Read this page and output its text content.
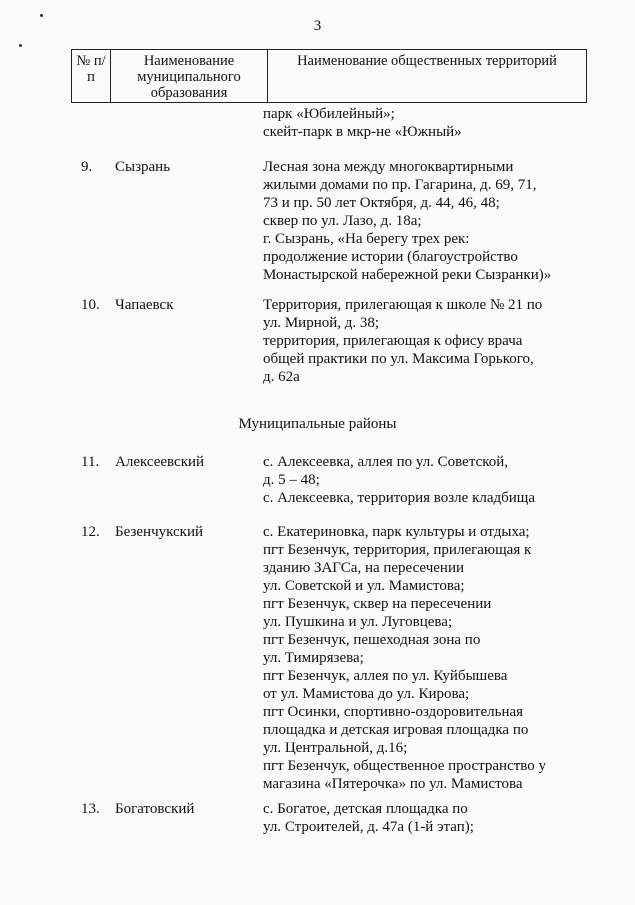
3
№ п/п	Наименование муниципального образования	Наименование общественных территорий
парк «Юбилейный»;
скейт-парк в мкр-не «Южный»
9. Сызрань	Лесная зона между многоквартирными
жилыми домами по пр. Гагарина, д. 69, 71,
73 и пр. 50 лет Октября, д. 44, 46, 48;
сквер по ул. Лазо, д. 18а;
г. Сызрань, «На берегу трех рек:
продолжение истории (благоустройство
Монастырской набережной реки Сызранки)»
10. Чапаевск	Территория, прилегающая к школе № 21 по
ул. Мирной, д. 38;
территория, прилегающая к офису врача
общей практики по ул. Максима Горького,
д. 62а
Муниципальные районы
11. Алексеевский	с. Алексеевка, аллея по ул. Советской,
д. 5 – 48;
с. Алексеевка, территория возле кладбища
12. Безенчукский	с. Екатериновка, парк культуры и отдыха;
пгт Безенчук, территория, прилегающая к
зданию ЗАГСа, на пересечении
ул. Советской и ул. Мамистова;
пгт Безенчук, сквер на пересечении
ул. Пушкина и ул. Луговцева;
пгт Безенчук, пешеходная зона по
ул. Тимирязева;
пгт Безенчук, аллея по ул. Куйбышева
от ул. Мамистова до ул. Кирова;
пгт Осинки, спортивно-оздоровительная
площадка и детская игровая площадка по
ул. Центральной, д.16;
пгт Безенчук, общественное пространство у
магазина «Пятерочка» по ул. Мамистова
13. Богатовский	с. Богатое, детская площадка по
ул. Строителей, д. 47а (1-й этап);
